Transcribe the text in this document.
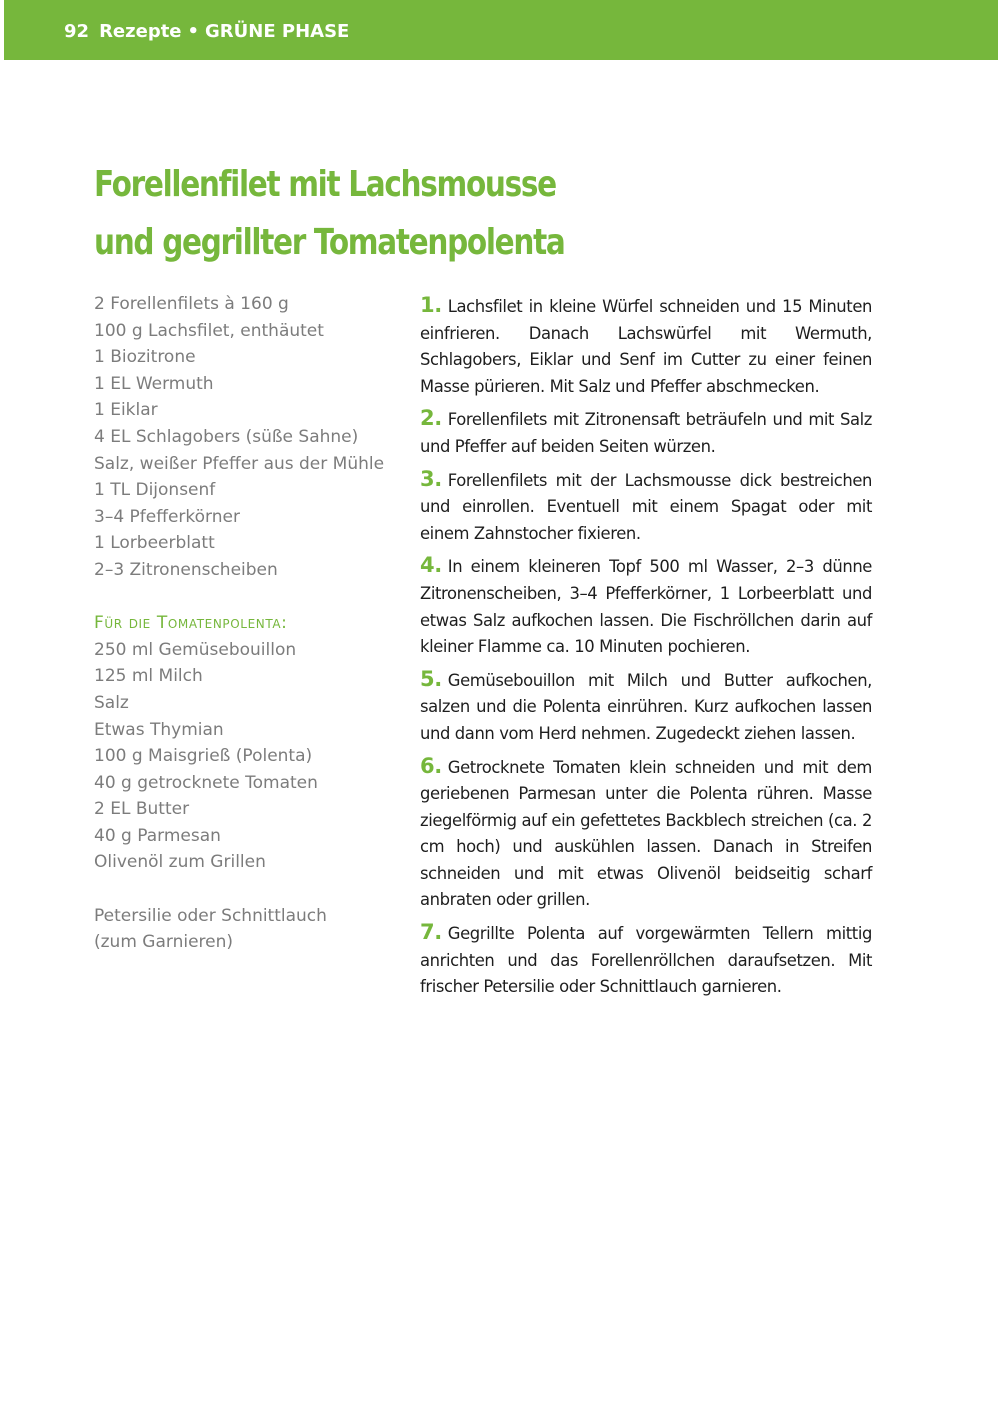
92 Rezepte • GRÜNE PHASE
Forellenfilet mit Lachsmousse
und gegrillter Tomatenpolenta
2 Forellenfilets à 160 g
100 g Lachsfilet, enthäutet
1 Biozitrone
1 EL Wermuth
1 Eiklar
4 EL Schlagobers (süße Sahne)
Salz, weißer Pfeffer aus der Mühle
1 TL Dijonsenf
3–4 Pfefferkörner
1 Lorbeerblatt
2–3 Zitronenscheiben
Für die Tomatenpolenta:
250 ml Gemüsebouillon
125 ml Milch
Salz
Etwas Thymian
100 g Maisgrieß (Polenta)
40 g getrocknete Tomaten
2 EL Butter
40 g Parmesan
Olivenöl zum Grillen
Petersilie oder Schnittlauch
(zum Garnieren)

1. Lachsfilet in kleine Würfel schneiden und 15 Minuten einfrieren. Danach Lachswürfel mit Wermuth, Schlagobers, Eiklar und Senf im Cutter zu einer feinen Masse pürieren. Mit Salz und Pfeffer abschmecken.

2. Forellenfilets mit Zitronensaft beträufeln und mit Salz und Pfeffer auf beiden Seiten würzen.

3. Forellenfilets mit der Lachsmousse dick bestreichen und einrollen. Eventuell mit einem Spagat oder mit einem Zahnstocher fixieren.

4. In einem kleineren Topf 500 ml Wasser, 2–3 dünne Zitronenscheiben, 3–4 Pfefferkörner, 1 Lorbeerblatt und etwas Salz aufkochen lassen. Die Fischröllchen darin auf kleiner Flamme ca. 10 Minuten pochieren.

5. Gemüsebouillon mit Milch und Butter aufkochen, salzen und die Polenta einrühren. Kurz aufkochen lassen und dann vom Herd nehmen. Zugedeckt ziehen lassen.

6. Getrocknete Tomaten klein schneiden und mit dem geriebenen Parmesan unter die Polenta rühren. Masse ziegelförmig auf ein gefettetes Backblech streichen (ca. 2 cm hoch) und auskühlen lassen. Danach in Streifen schneiden und mit etwas Olivenöl beidseitig scharf anbraten oder grillen.

7. Gegrillte Polenta auf vorgewärmten Tellern mittig anrichten und das Forellenröllchen daraufsetzen. Mit frischer Petersilie oder Schnittlauch garnieren.
